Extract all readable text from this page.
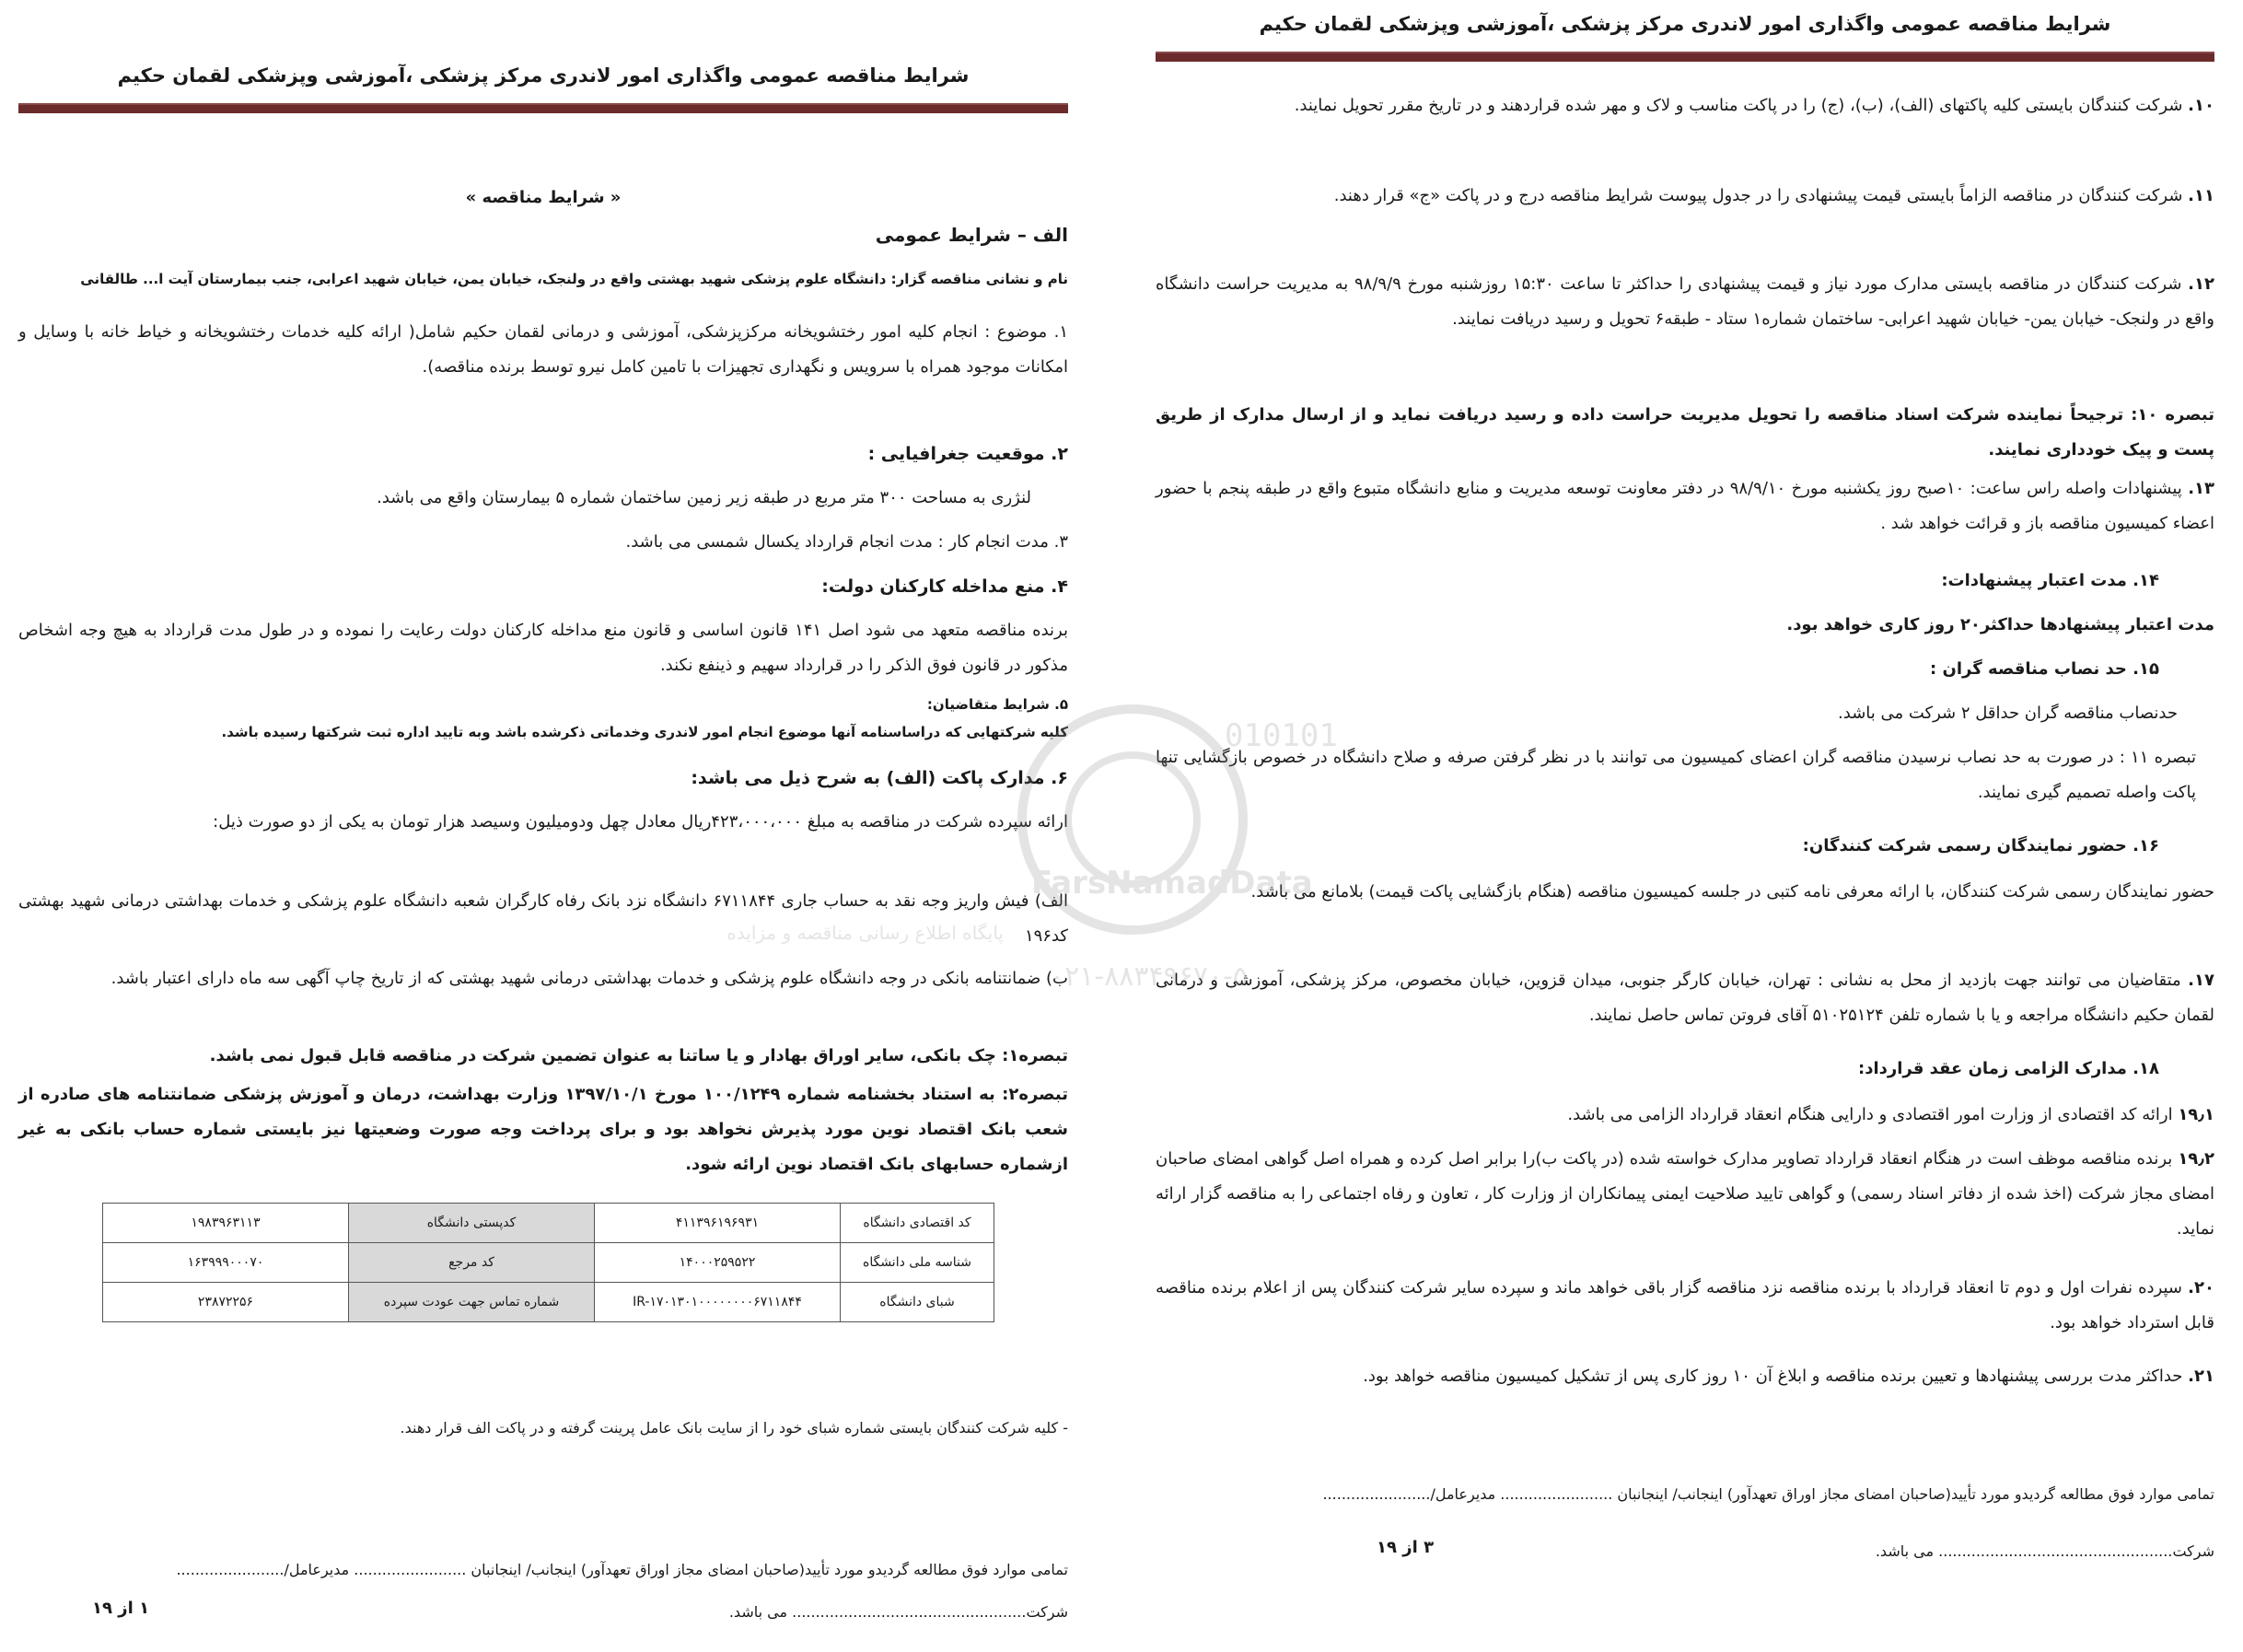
شرایط مناقصه عمومی واگذاری امور لاندری مرکز پزشکی ،آموزشی وپزشکی لقمان حکیم
۱۰. شرکت کنندگان بایستی کلیه پاکتهای (الف)، (ب)، (ج) را در پاکت مناسب و لاک و مهر شده قراردهند و در تاریخ مقرر تحویل نمایند.
۱۱. شرکت کنندگان در مناقصه الزاماً بایستی قیمت پیشنهادی را در جدول پیوست شرایط مناقصه درج و در پاکت «ج» قرار دهند.
۱۲. شرکت کنندگان در مناقصه بایستی مدارک مورد نیاز و قیمت پیشنهادی را حداکثر تا ساعت ۱۵:۳۰ روزشنبه مورخ ۹۸/۹/۹ به مدیریت حراست دانشگاه واقع در ولنجک- خیابان یمن- خیابان شهید اعرابی- ساختمان شماره۱ ستاد - طبقه۶ تحویل و رسید دریافت نمایند.
تبصره ۱۰: ترجیحاً نماینده شرکت اسناد مناقصه را تحویل مدیریت حراست داده و رسید دریافت نماید و از ارسال مدارک از طریق پست و پیک خودداری نمایند.
۱۳. پیشنهادات واصله راس ساعت: ۱۰صبح روز یکشنبه مورخ ۹۸/۹/۱۰ در دفتر معاونت توسعه مدیریت و منابع دانشگاه متبوع واقع در طبقه پنجم با حضور اعضاء کمیسیون مناقصه باز و قرائت خواهد شد .
۱۴. مدت اعتبار پیشنهادات:
مدت اعتبار پیشنهادها حداکثر۲۰ روز کاری خواهد بود.
۱۵. حد نصاب مناقصه گران :
حدنصاب مناقصه گران حداقل ۲ شرکت می باشد.
تبصره ۱۱ : در صورت به حد نصاب نرسیدن مناقصه گران اعضای کمیسیون می توانند با در نظر گرفتن صرفه و صلاح دانشگاه در خصوص بازگشایی تنها پاکت واصله تصمیم گیری نمایند.
۱۶. حضور نمایندگان رسمی شرکت کنندگان:
حضور نمایندگان رسمی شرکت کنندگان، با ارائه معرفی نامه کتبی در جلسه کمیسیون مناقصه (هنگام بازگشایی پاکت قیمت) بلامانع می باشد.
۱۷. متقاضیان می توانند جهت بازدید از محل به نشانی : تهران، خیابان کارگر جنوبی، میدان قزوین، خیابان مخصوص، مرکز پزشکی، آموزشی و درمانی لقمان حکیم دانشگاه مراجعه و یا با شماره تلفن ۵۱۰۲۵۱۲۴ آقای فروتن تماس حاصل نمایند.
۱۸. مدارک الزامی زمان عقد قرارداد:
۱۹٫۱ ارائه کد اقتصادی از وزارت امور اقتصادی و دارایی هنگام انعقاد قرارداد الزامی می باشد.
۱۹٫۲ برنده مناقصه موظف است در هنگام انعقاد قرارداد تصاویر مدارک خواسته شده (در پاکت ب)را برابر اصل کرده و همراه اصل گواهی امضای صاحبان امضای مجاز شرکت (اخذ شده از دفاتر اسناد رسمی) و گواهی تایید صلاحیت ایمنی پیمانکاران از وزارت کار ، تعاون و رفاه اجتماعی را به مناقصه گزار ارائه نماید.
۲۰. سپرده نفرات اول و دوم تا انعقاد قرارداد با برنده مناقصه نزد مناقصه گزار باقی خواهد ماند و سپرده سایر شرکت کنندگان پس از اعلام برنده مناقصه قابل استرداد خواهد بود.
۲۱. حداکثر مدت بررسی پیشنهادها و تعیین برنده مناقصه و ابلاغ آن ۱۰ روز کاری پس از تشکیل کمیسیون مناقصه خواهد بود.
تمامی موارد فوق مطالعه گردیدو مورد تأیید(صاحبان امضای مجاز اوراق تعهدآور) اینجانب/ اینجانبان ........................ مدیرعامل/.......................
شرکت.................................................. می باشد.
۳ از ۱۹
شرایط مناقصه عمومی واگذاری امور لاندری مرکز پزشکی ،آموزشی وپزشکی لقمان حکیم
« شرایط مناقصه »
الف – شرایط عمومی
نام و نشانی مناقصه گزار: دانشگاه علوم پزشکی شهید بهشتی واقع در ولنجک، خیابان یمن، خیابان شهید اعرابی، جنب بیمارستان آیت ا... طالقانی
۱. موضوع : انجام کلیه امور رختشویخانه مرکزپزشکی، آموزشی و درمانی لقمان حکیم شامل( ارائه کلیه خدمات رختشویخانه و خیاط خانه با وسایل و امکانات موجود همراه با سرویس و نگهداری تجهیزات با تامین کامل نیرو توسط برنده مناقصه).
۲. موقعیت جغرافیایی :
لنژری به مساحت ۳۰۰ متر مربع در طبقه زیر زمین ساختمان شماره ۵ بیمارستان واقع می باشد.
۳. مدت انجام کار : مدت انجام قرارداد یکسال شمسی می باشد.
۴. منع مداخله کارکنان دولت:
برنده مناقصه متعهد می شود اصل ۱۴۱ قانون اساسی و قانون منع مداخله کارکنان دولت رعایت را نموده و در طول مدت قرارداد به هیچ وجه اشخاص مذکور در قانون فوق الذکر را در قرارداد سهیم و ذینفع نکند.
۵. شرایط متقاضیان:
کلیه شرکتهایی که دراساسنامه آنها موضوع انجام امور لاندری وخدماتی ذکرشده باشد وبه تایید اداره ثبت شرکتها رسیده باشد.
۶. مدارک پاکت (الف) به شرح ذیل می باشد:
ارائه سپرده شرکت در مناقصه به مبلغ ۴۲۳،۰۰۰،۰۰۰ریال معادل چهل ودومیلیون وسیصد هزار تومان به یکی از دو صورت ذیل:
الف) فیش واریز وجه نقد به حساب جاری ۶۷۱۱۸۴۴ دانشگاه نزد بانک رفاه کارگران شعبه دانشگاه علوم پزشکی و خدمات بهداشتی درمانی شهید بهشتی کد۱۹۶
ب) ضمانتنامه بانکی در وجه دانشگاه علوم پزشکی و خدمات بهداشتی درمانی شهید بهشتی که از تاریخ چاپ آگهی سه ماه دارای اعتبار باشد.
تبصره۱: چک بانکی، سایر اوراق بهادار و یا ساتنا به عنوان تضمین شرکت در مناقصه قابل قبول نمی باشد.
تبصره۲: به استناد بخشنامه شماره ۱۰۰/۱۲۴۹ مورخ ۱۳۹۷/۱۰/۱ وزارت بهداشت، درمان و آموزش پزشکی ضمانتنامه های صادره از شعب بانک اقتصاد نوین مورد پذیرش نخواهد بود و برای پرداخت وجه صورت وضعیتها نیز بایستی شماره حساب بانکی به غیر ازشماره حسابهای بانک اقتصاد نوین ارائه شود.
کد اقتصادی دانشگاه	۴۱۱۳۹۶۱۹۶۹۳۱	کدپستی دانشگاه	۱۹۸۳۹۶۳۱۱۳
شناسه ملی دانشگاه	۱۴۰۰۰۲۵۹۵۲۲	کد مرجع	۱۶۳۹۹۹۰۰۰۷۰
شبای دانشگاه	IR-۱۷۰۱۳۰۱۰۰۰۰۰۰۰۰۶۷۱۱۸۴۴	شماره تماس جهت عودت سپرده	۲۳۸۷۲۲۵۶
- کلیه شرکت کنندگان بایستی شماره شبای خود را از سایت بانک عامل پرینت گرفته و در پاکت الف قرار دهند.
تمامی موارد فوق مطالعه گردیدو مورد تأیید(صاحبان امضای مجاز اوراق تعهدآور) اینجانب/ اینجانبان ........................ مدیرعامل/.......................
شرکت.................................................. می باشد.
۱ از ۱۹
010101
FarsNamadData
پایگاه اطلاع رسانی مناقصه و مزایده
۰۲۱-۸۸۳۴۹۶۷۰-۵
